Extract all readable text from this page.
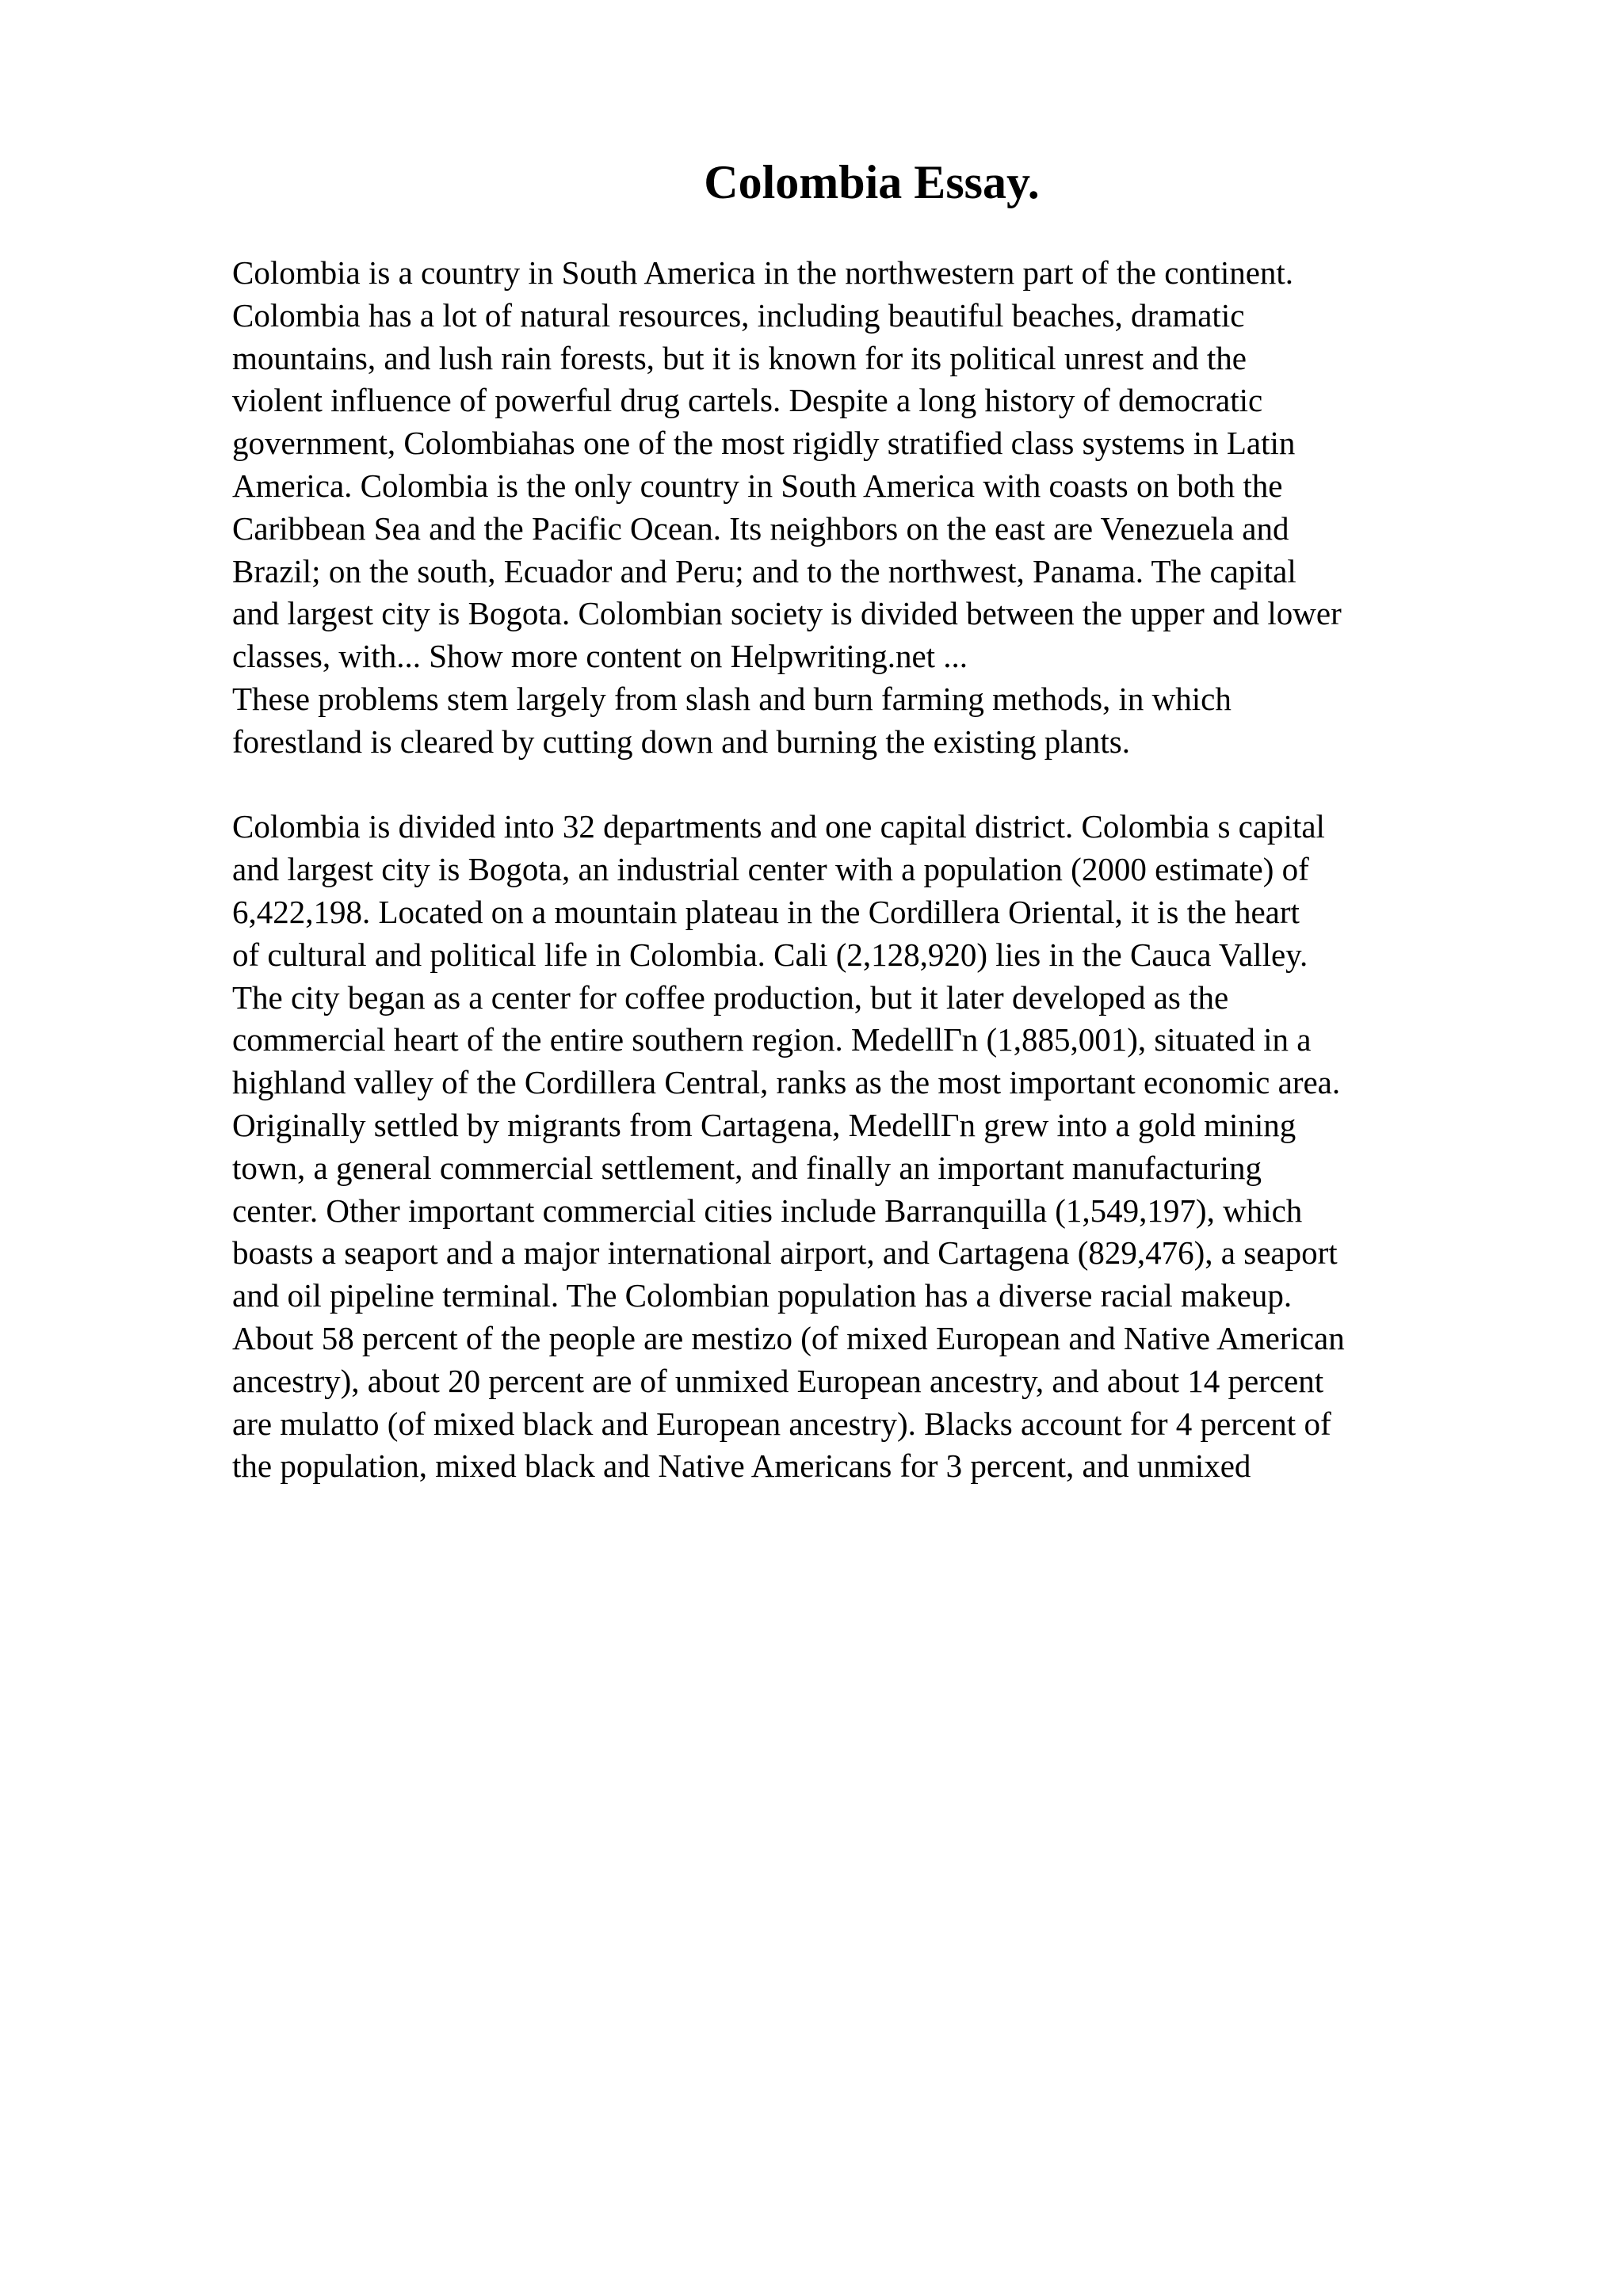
Colombia Essay.
Colombia is a country in South America in the northwestern part of the continent.
Colombia has a lot of natural resources, including beautiful beaches, dramatic
mountains, and lush rain forests, but it is known for its political unrest and the
violent influence of powerful drug cartels. Despite a long history of democratic
government, Colombiahas one of the most rigidly stratified class systems in Latin
America. Colombia is the only country in South America with coasts on both the
Caribbean Sea and the Pacific Ocean. Its neighbors on the east are Venezuela and
Brazil; on the south, Ecuador and Peru; and to the northwest, Panama. The capital
and largest city is Bogota. Colombian society is divided between the upper and lower
classes, with... Show more content on Helpwriting.net ...
These problems stem largely from slash and burn farming methods, in which
forestland is cleared by cutting down and burning the existing plants.
Colombia is divided into 32 departments and one capital district. Colombia s capital
and largest city is Bogota, an industrial center with a population (2000 estimate) of
6,422,198. Located on a mountain plateau in the Cordillera Oriental, it is the heart
of cultural and political life in Colombia. Cali (2,128,920) lies in the Cauca Valley.
The city began as a center for coffee production, but it later developed as the
commercial heart of the entire southern region. MedellΓn (1,885,001), situated in a
highland valley of the Cordillera Central, ranks as the most important economic area.
Originally settled by migrants from Cartagena, MedellΓn grew into a gold mining
town, a general commercial settlement, and finally an important manufacturing
center. Other important commercial cities include Barranquilla (1,549,197), which
boasts a seaport and a major international airport, and Cartagena (829,476), a seaport
and oil pipeline terminal. The Colombian population has a diverse racial makeup.
About 58 percent of the people are mestizo (of mixed European and Native American
ancestry), about 20 percent are of unmixed European ancestry, and about 14 percent
are mulatto (of mixed black and European ancestry). Blacks account for 4 percent of
the population, mixed black and Native Americans for 3 percent, and unmixed
